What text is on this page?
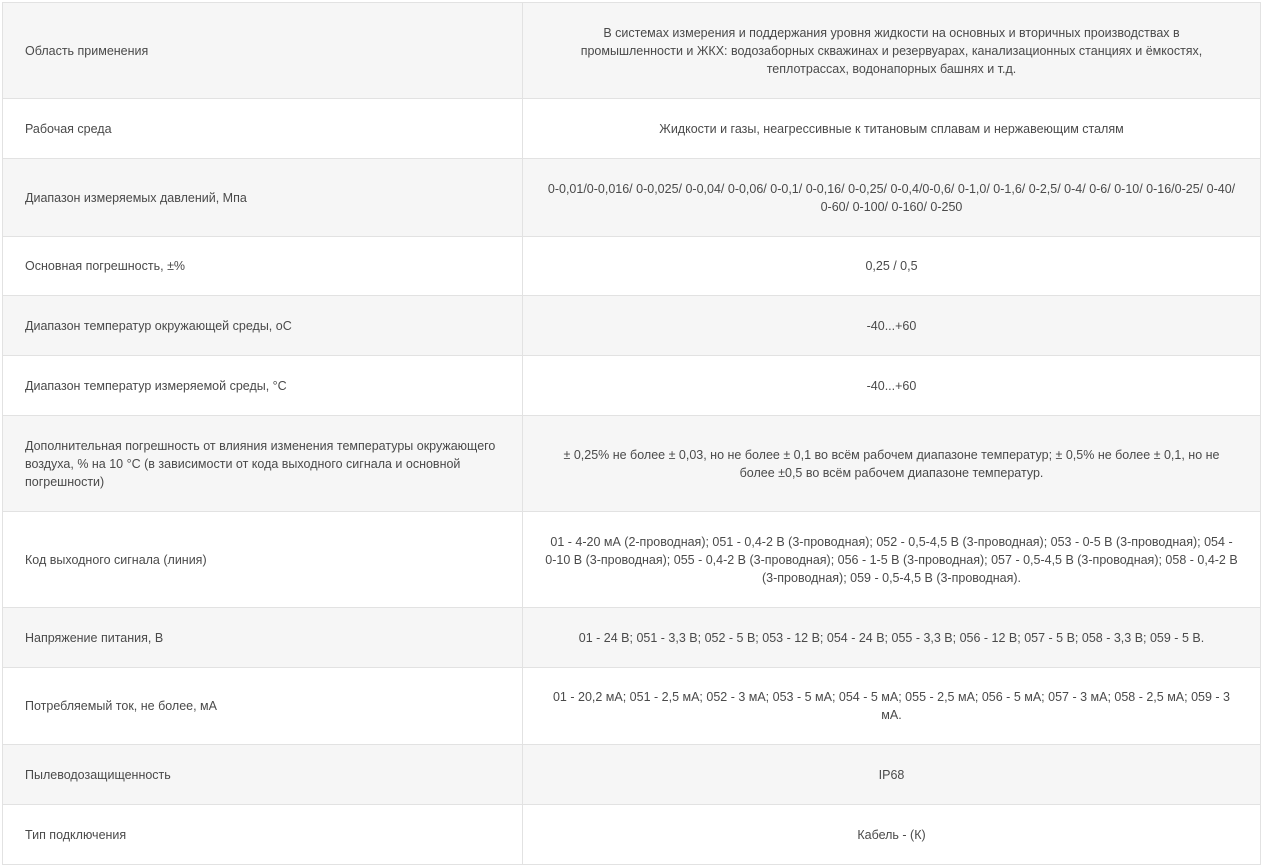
Область применения	В системах измерения и поддержания уровня жидкости на основных и вторичных производствах в промышленности и ЖКХ: водозаборных скважинах и резервуарах, канализационных станциях и ёмкостях, теплотрассах, водонапорных башнях и т.д.

Рабочая среда	Жидкости и газы, неагрессивные к титановым сплавам и нержавеющим сталям

Диапазон измеряемых давлений, Мпа	0-0,01/0-0,016/ 0-0,025/ 0-0,04/ 0-0,06/ 0-0,1/ 0-0,16/ 0-0,25/ 0-0,4/0-0,6/ 0-1,0/ 0-1,6/ 0-2,5/ 0-4/ 0-6/ 0-10/ 0-16/0-25/ 0-40/ 0-60/ 0-100/ 0-160/ 0-250

Основная погрешность, ±%	0,25 / 0,5

Диапазон температур окружающей среды, оС	-40...+60

Диапазон температур измеряемой среды, °С	-40...+60

Дополнительная погрешность от влияния изменения температуры окружающего воздуха, % на 10 °С (в зависимости от кода выходного сигнала и основной погрешности)	± 0,25% не более ± 0,03, но не более ± 0,1 во всём рабочем диапазоне температур; ± 0,5% не более ± 0,1, но не более ±0,5 во всём рабочем диапазоне температур.

Код выходного сигнала (линия)	01 - 4-20 мА (2-проводная); 051 - 0,4-2 В (3-проводная); 052 - 0,5-4,5 В (3-проводная); 053 - 0-5 В (3-проводная); 054 - 0-10 В (3-проводная); 055 - 0,4-2 В (3-проводная); 056 - 1-5 В (3-проводная); 057 - 0,5-4,5 В (3-проводная); 058 - 0,4-2 В (3-проводная); 059 - 0,5-4,5 В (3-проводная).

Напряжение питания, В	01 - 24 В; 051 - 3,3 В; 052 - 5 В; 053 - 12 В; 054 - 24 В; 055 - 3,3 В; 056 - 12 В; 057 - 5 В; 058 - 3,3 В; 059 - 5 В.

Потребляемый ток, не более, мА	01 - 20,2 мА; 051 - 2,5 мА; 052 - 3 мА; 053 - 5 мА; 054 - 5 мА; 055 - 2,5 мА; 056 - 5 мА; 057 - 3 мА; 058 - 2,5 мА; 059 - 3 мА.

Пылеводозащищенность	IP68

Тип подключения	Кабель - (К)
